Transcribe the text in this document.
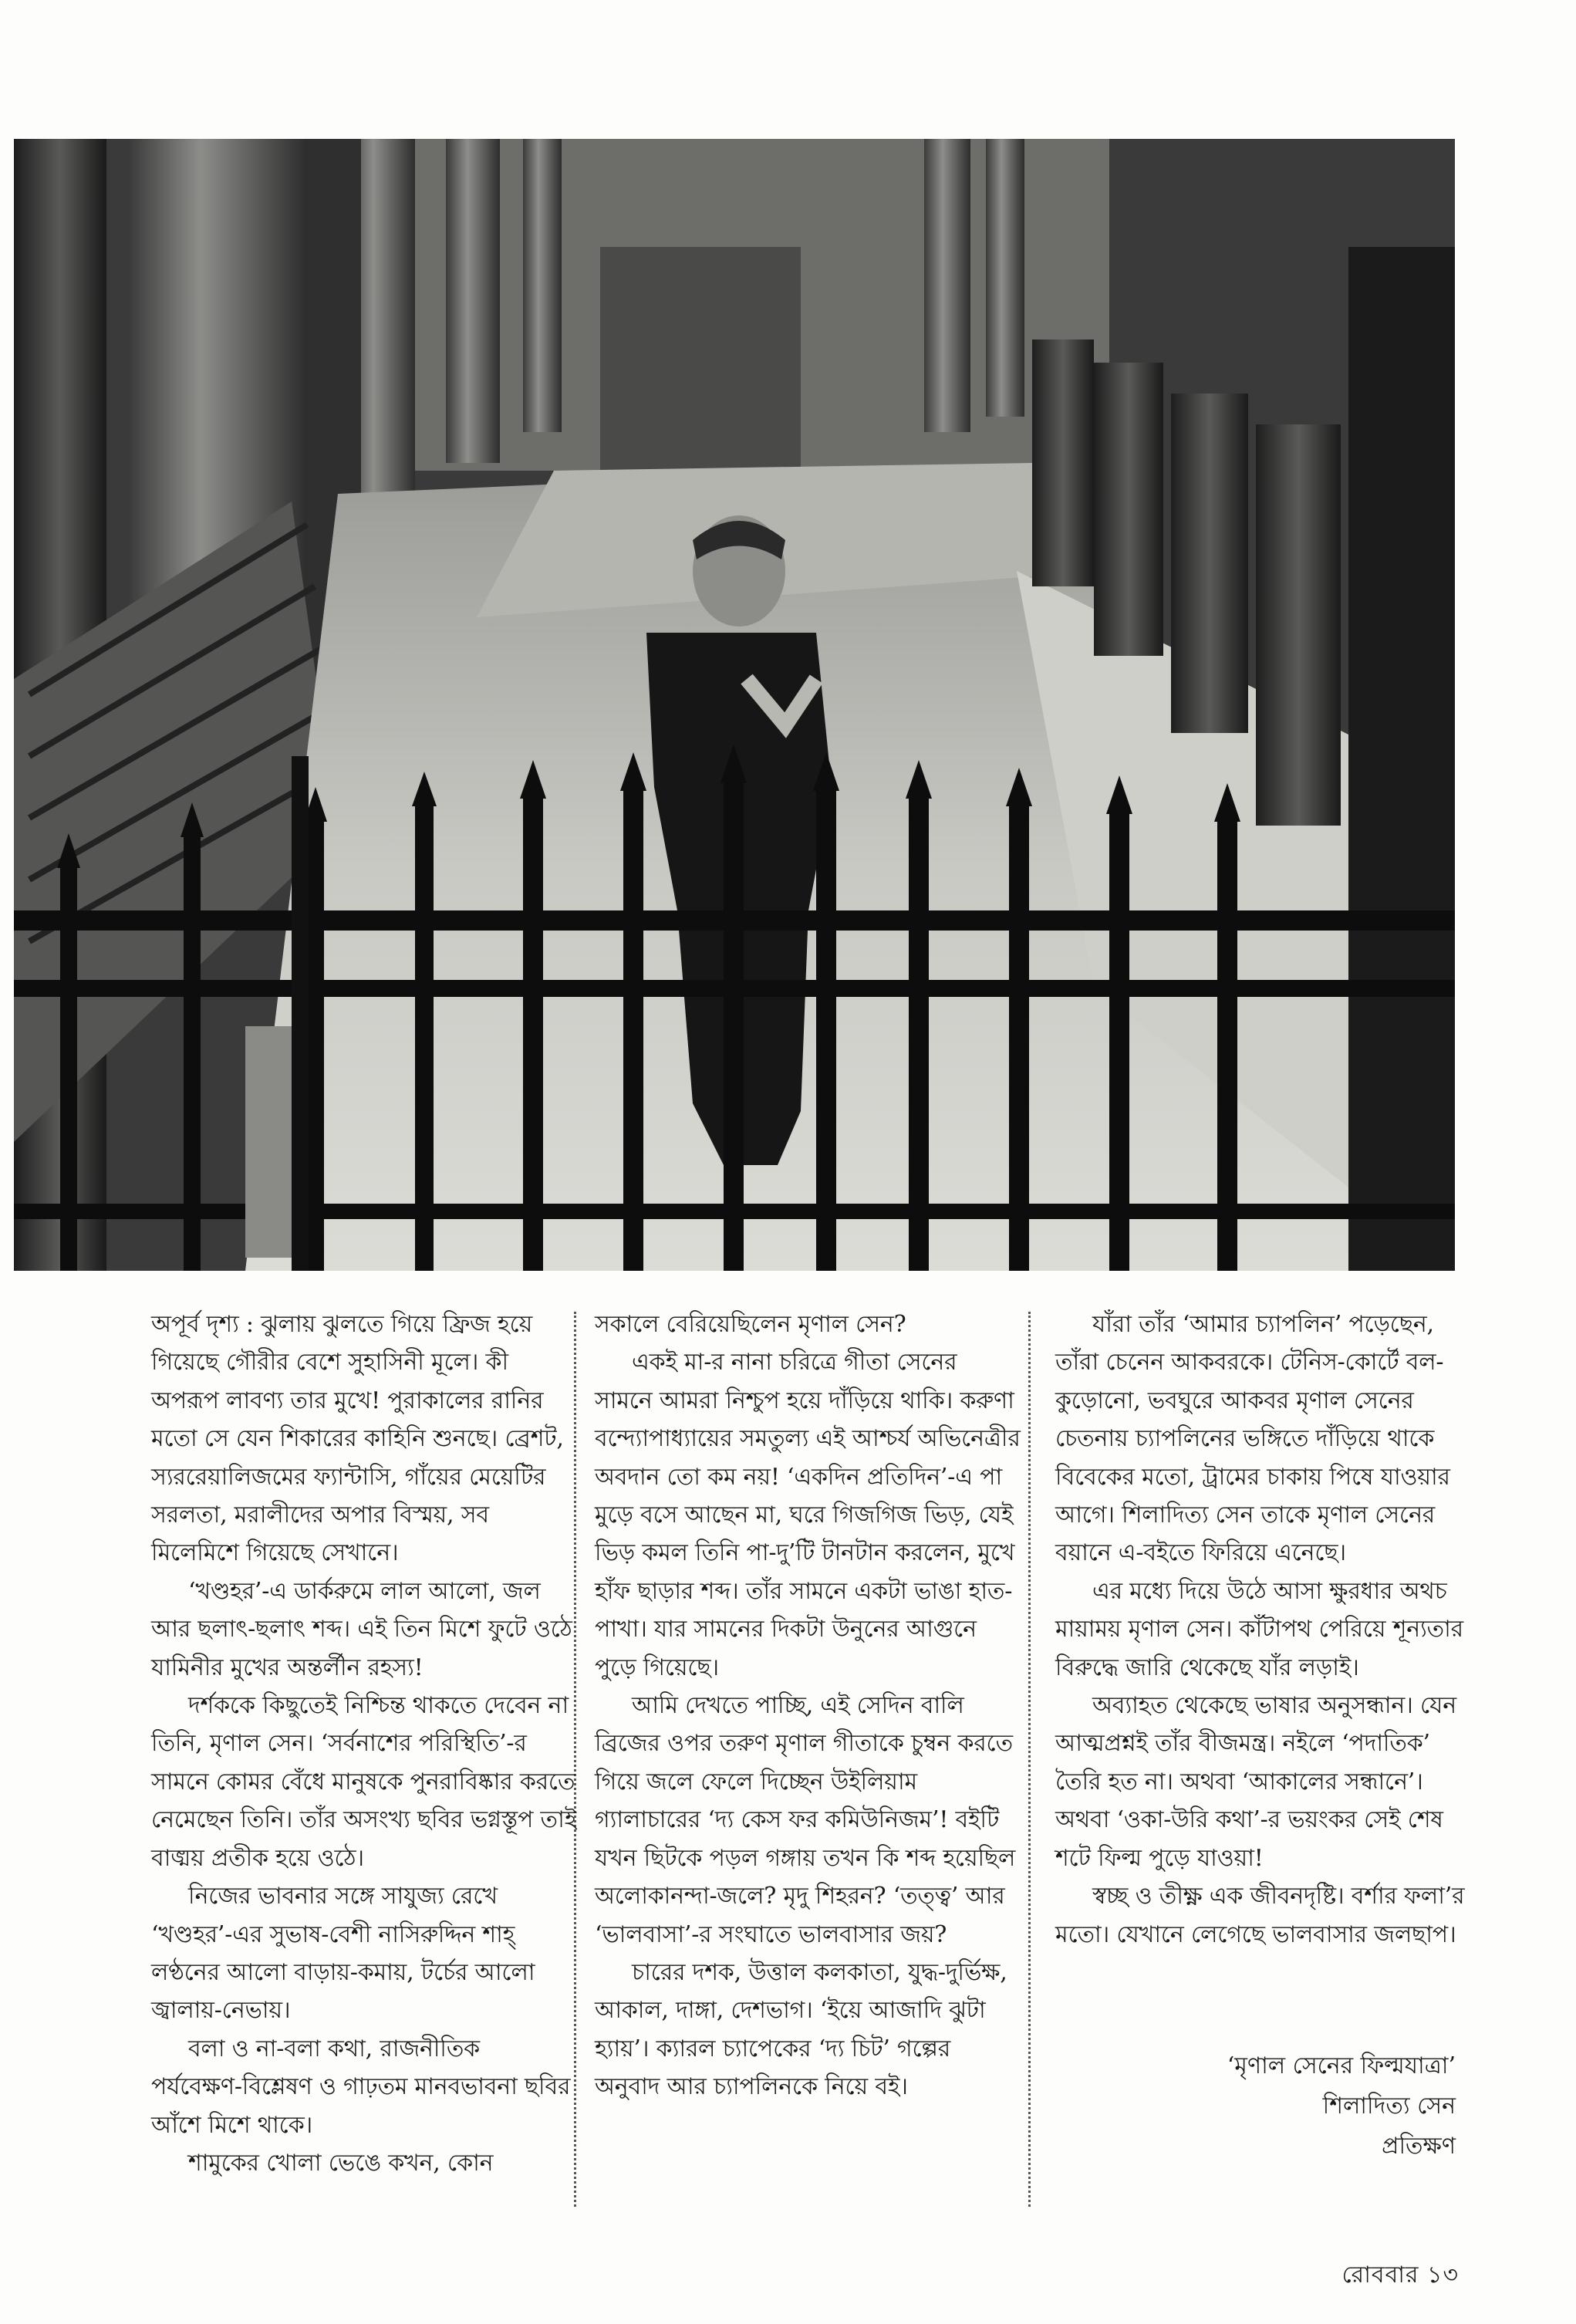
অপূর্ব দৃশ্য : ঝুলায় ঝুলতে গিয়ে ফ্রিজ হয়ে গিয়েছে গৌরীর বেশে সুহাসিনী মূলে। কী অপরূপ লাবণ্য তার মুখে! পুরাকালের রানির মতো সে যেন শিকারের কাহিনি শুনছে। ব্রেশট, স্যররেয়ালিজমের ফ্যান্টাসি, গাঁয়ের মেয়েটির সরলতা, মরালীদের অপার বিস্ময়, সব মিলেমিশে গিয়েছে সেখানে।

‘খণ্ডহর’-এ ডার্করুমে লাল আলো, জল আর ছলাৎ-ছলাৎ শব্দ। এই তিন মিশে ফুটে ওঠে যামিনীর মুখের অন্তর্লীন রহস্য!

দর্শককে কিছুতেই নিশ্চিন্ত থাকতে দেবেন না তিনি, মৃণাল সেন। ‘সর্বনাশের পরিস্থিতি’-র সামনে কোমর বেঁধে মানুষকে পুনরাবিষ্কার করতে নেমেছেন তিনি। তাঁর অসংখ্য ছবির ভগ্নস্তূপ তাই বাঙ্ময় প্রতীক হয়ে ওঠে।

নিজের ভাবনার সঙ্গে সাযুজ্য রেখে ‘খণ্ডহর’-এর সুভাষ-বেশী নাসিরুদ্দিন শাহ্ লণ্ঠনের আলো বাড়ায়-কমায়, টর্চের আলো জ্বালায়-নেভায়।

বলা ও না-বলা কথা, রাজনীতিক পর্যবেক্ষণ-বিশ্লেষণ ও গাঢ়তম মানবভাবনা ছবির আঁশে মিশে থাকে।

শামুকের খোলা ভেঙে কখন, কোন

সকালে বেরিয়েছিলেন মৃণাল সেন?

একই মা-র নানা চরিত্রে গীতা সেনের সামনে আমরা নিশ্চুপ হয়ে দাঁড়িয়ে থাকি। করুণা বন্দ্যোপাধ্যায়ের সমতুল্য এই আশ্চর্য অভিনেত্রীর অবদান তো কম নয়! ‘একদিন প্রতিদিন’-এ পা মুড়ে বসে আছেন মা, ঘরে গিজগিজ ভিড়, যেই ভিড় কমল তিনি পা-দু’টি টানটান করলেন, মুখে হাঁফ ছাড়ার শব্দ। তাঁর সামনে একটা ভাঙা হাত-পাখা। যার সামনের দিকটা উনুনের আগুনে পুড়ে গিয়েছে।

আমি দেখতে পাচ্ছি, এই সেদিন বালি ব্রিজের ওপর তরুণ মৃণাল গীতাকে চুম্বন করতে গিয়ে জলে ফেলে দিচ্ছেন উইলিয়াম গ্যালাচারের ‘দ্য কেস ফর কমিউনিজম’! বইটি যখন ছিটকে পড়ল গঙ্গায় তখন কি শব্দ হয়েছিল অলোকানন্দা-জলে? মৃদু শিহরন? ‘তত্ত্ব’ আর ‘ভালবাসা’-র সংঘাতে ভালবাসার জয়?

চারের দশক, উত্তাল কলকাতা, যুদ্ধ-দুর্ভিক্ষ, আকাল, দাঙ্গা, দেশভাগ। ‘ইয়ে আজাদি ঝুটা হ্যায়’। ক্যারল চ্যাপেকের ‘দ্য চিট’ গল্পের অনুবাদ আর চ্যাপলিনকে নিয়ে বই।

যাঁরা তাঁর ‘আমার চ্যাপলিন’ পড়েছেন, তাঁরা চেনেন আকবরকে। টেনিস-কোর্টে বল-কুড়োনো, ভবঘুরে আকবর মৃণাল সেনের চেতনায় চ্যাপলিনের ভঙ্গিতে দাঁড়িয়ে থাকে বিবেকের মতো, ট্রামের চাকায় পিষে যাওয়ার আগে। শিলাদিত্য সেন তাকে মৃণাল সেনের বয়ানে এ-বইতে ফিরিয়ে এনেছে।

এর মধ্যে দিয়ে উঠে আসা ক্ষুরধার অথচ মায়াময় মৃণাল সেন। কাঁটাপথ পেরিয়ে শূন্যতার বিরুদ্ধে জারি থেকেছে যাঁর লড়াই।

অব্যাহত থেকেছে ভাষার অনুসন্ধান। যেন আত্মপ্রশ্নই তাঁর বীজমন্ত্র। নইলে ‘পদাতিক’ তৈরি হত না। অথবা ‘আকালের সন্ধানে’। অথবা ‘ওকা-উরি কথা’-র ভয়ংকর সেই শেষ শটে ফিল্ম পুড়ে যাওয়া!

স্বচ্ছ ও তীক্ষ্ণ এক জীবনদৃষ্টি। বর্শার ফলা’র মতো। যেখানে লেগেছে ভালবাসার জলছাপ।

‘মৃণাল সেনের ফিল্মযাত্রা’
শিলাদিত্য সেন
প্রতিক্ষণ
রোববার ১৩
